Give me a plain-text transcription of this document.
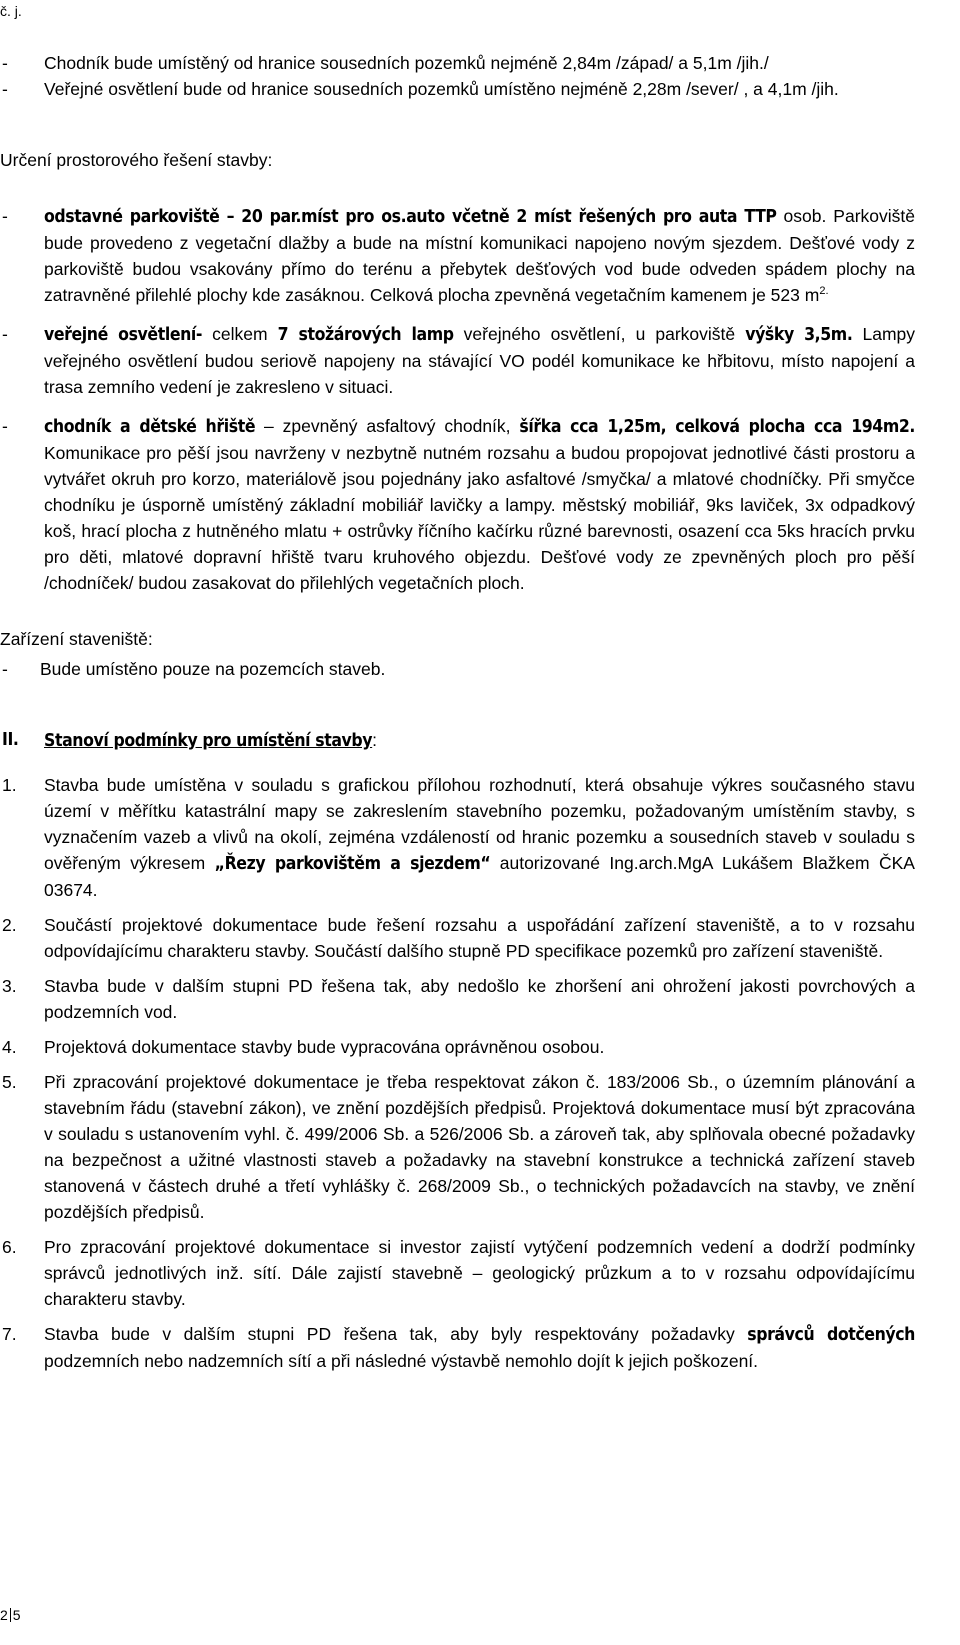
č. j.
- Chodník bude umístěný od hranice sousedních pozemků nejméně 2,84m /západ/ a 5,1m /jih./
- Veřejné osvětlení bude od hranice sousedních pozemků umístěno nejméně 2,28m /sever/ , a 4,1m /jih.
Určení prostorového řešení stavby:
- odstavné parkoviště – 20 par.míst pro os.auto včetně 2 míst řešených pro auta TTP osob. Parkoviště bude provedeno z vegetační dlažby a bude na místní komunikaci napojeno novým sjezdem. Dešťové vody z parkoviště budou vsakovány přímo do terénu a přebytek dešťových vod bude odveden spádem plochy na zatravněné přilehlé plochy kde zasáknou. Celková plocha zpevněná vegetačním kamenem je 523 $m^{2.}$
- veřejné osvětlení- celkem 7 stožárových lamp veřejného osvětlení, u parkoviště výšky 3,5m. Lampy veřejného osvětlení budou seriově napojeny na stávající VO podél komunikace ke hřbitovu, místo napojení a trasa zemního vedení je zakresleno v situaci.
- chodník a dětské hřiště – zpevněný asfaltový chodník, šířka cca 1,25m, celková plocha cca 194m2. Komunikace pro pěší jsou navrženy v nezbytně nutném rozsahu a budou propojovat jednotlivé části prostoru a vytvářet okruh pro korzo, materiálově jsou pojednány jako asfaltové /smyčka/ a mlatové chodníčky. Při smyčce chodníku je úsporně umístěný základní mobiliář lavičky a lampy. městský mobiliář, 9ks laviček, 3x odpadkový koš, hrací plocha z hutněného mlatu + ostrůvky říčního kačírku různé barevnosti, osazení cca 5ks hracích prvku pro děti, mlatové dopravní hřiště tvaru kruhového objezdu. Dešťové vody ze zpevněných ploch pro pěší /chodníček/ budou zasakovat do přilehlých vegetačních ploch.
Zařízení staveniště:
- Bude umístěno pouze na pozemcích staveb.
II. Stanoví podmínky pro umístění stavby:
1. Stavba bude umístěna v souladu s grafickou přílohou rozhodnutí, která obsahuje výkres současného stavu území v měřítku katastrální mapy se zakreslením stavebního pozemku, požadovaným umístěním stavby, s vyznačením vazeb a vlivů na okolí, zejména vzdáleností od hranic pozemku a sousedních staveb v souladu s ověřeným výkresem „Řezy parkovištěm a sjezdem“ autorizované Ing.arch.MgA Lukášem Blažkem ČKA 03674.
2. Součástí projektové dokumentace bude řešení rozsahu a uspořádání zařízení staveniště, a to v rozsahu odpovídajícímu charakteru stavby. Součástí dalšího stupně PD specifikace pozemků pro zařízení staveniště.
3. Stavba bude v dalším stupni PD řešena tak, aby nedošlo ke zhoršení ani ohrožení jakosti povrchových a podzemních vod.
4. Projektová dokumentace stavby bude vypracována oprávněnou osobou.
5. Při zpracování projektové dokumentace je třeba respektovat zákon č. 183/2006 Sb., o územním plánování a stavebním řádu (stavební zákon), ve znění pozdějších předpisů. Projektová dokumentace musí být zpracována v souladu s ustanovením vyhl. č. 499/2006 Sb. a 526/2006 Sb. a zároveň tak, aby splňovala obecné požadavky na bezpečnost a užitné vlastnosti staveb a požadavky na stavební konstrukce a technická zařízení staveb stanovená v částech druhé a třetí vyhlášky č. 268/2009 Sb., o technických požadavcích na stavby, ve znění pozdějších předpisů.
6. Pro zpracování projektové dokumentace si investor zajistí vytýčení podzemních vedení a dodrží podmínky správců jednotlivých inž. sítí. Dále zajistí stavebně – geologický průzkum a to v rozsahu odpovídajícímu charakteru stavby.
7. Stavba bude v dalším stupni PD řešena tak, aby byly respektovány požadavky správců dotčených podzemních nebo nadzemních sítí a při následné výstavbě nemohlo dojít k jejich poškození.
2 5
